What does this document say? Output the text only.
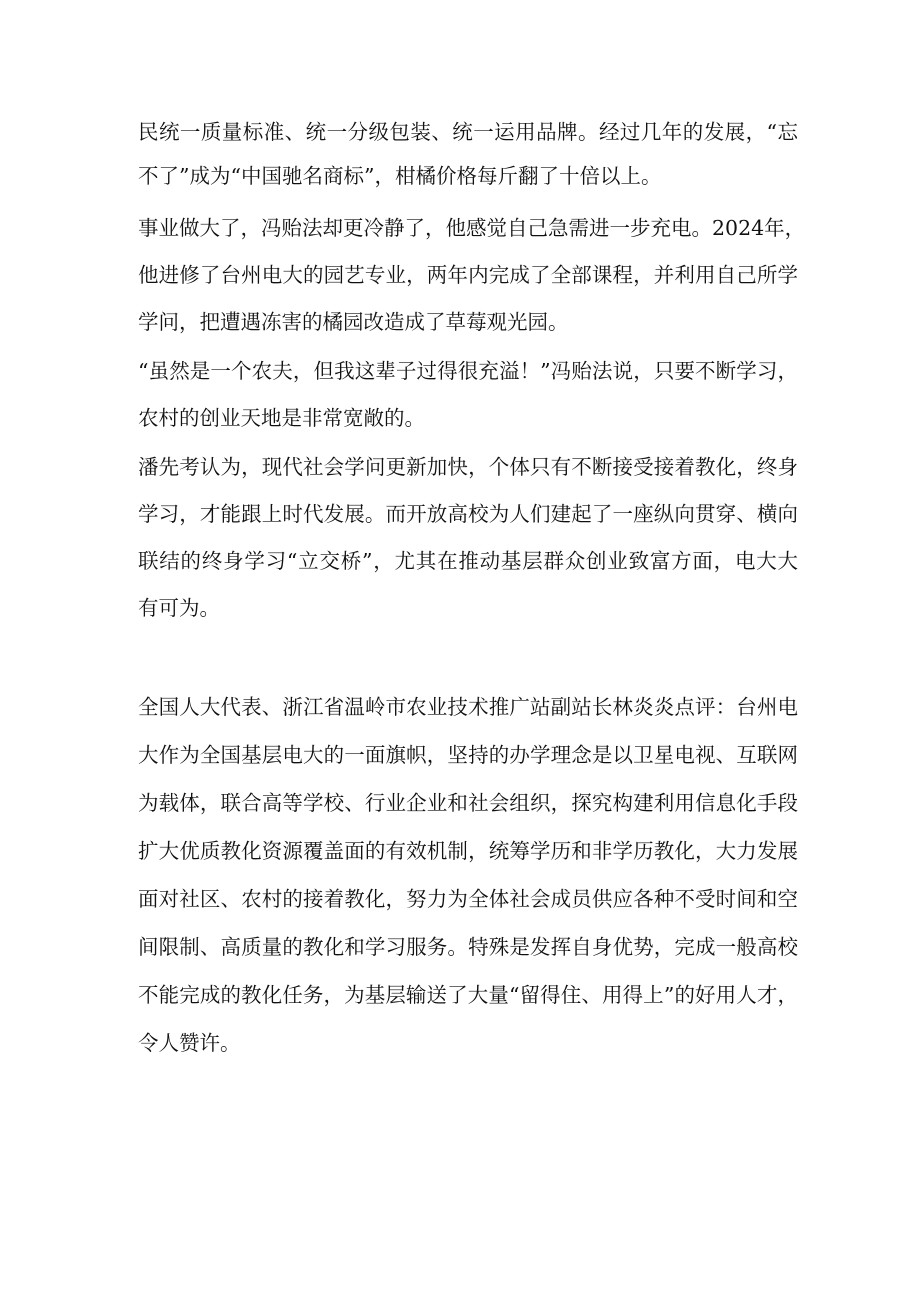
民统一质量标准、统一分级包装、统一运用品牌。经过几年的发展，“忘
不了”成为“中国驰名商标”，柑橘价格每斤翻了十倍以上。
事业做大了，冯贻法却更冷静了，他感觉自己急需进一步充电。2024年，
他进修了台州电大的园艺专业，两年内完成了全部课程，并利用自己所学
学问，把遭遇冻害的橘园改造成了草莓观光园。
“虽然是一个农夫，但我这辈子过得很充溢！”冯贻法说，只要不断学习，
农村的创业天地是非常宽敞的。
潘先考认为，现代社会学问更新加快，个体只有不断接受接着教化，终身
学习，才能跟上时代发展。而开放高校为人们建起了一座纵向贯穿、横向
联结的终身学习“立交桥”，尤其在推动基层群众创业致富方面，电大大
有可为。
全国人大代表、浙江省温岭市农业技术推广站副站长林炎炎点评：台州电
大作为全国基层电大的一面旗帜，坚持的办学理念是以卫星电视、互联网
为载体，联合高等学校、行业企业和社会组织，探究构建利用信息化手段
扩大优质教化资源覆盖面的有效机制，统筹学历和非学历教化，大力发展
面对社区、农村的接着教化，努力为全体社会成员供应各种不受时间和空
间限制、高质量的教化和学习服务。特殊是发挥自身优势，完成一般高校
不能完成的教化任务，为基层输送了大量“留得住、用得上”的好用人才，
令人赞许。
